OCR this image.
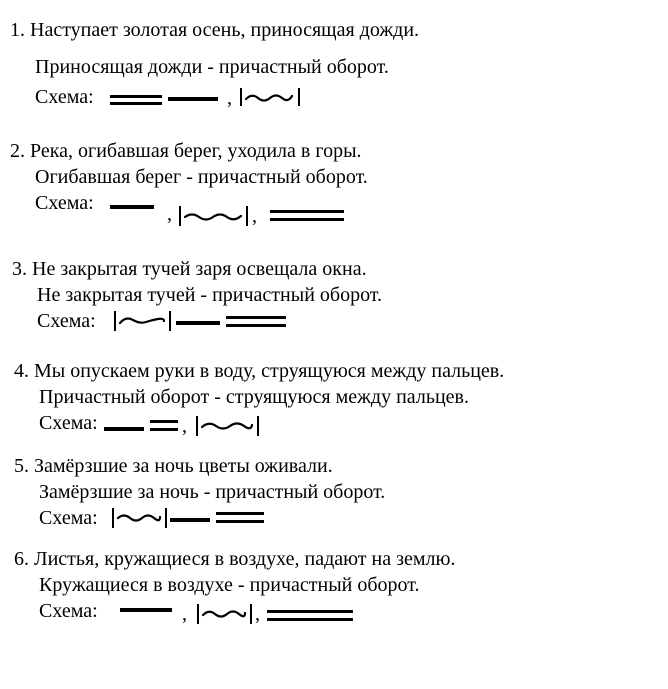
1. Наступает золотая осень, приносящая дожди.
Приносящая дожди - причастный оборот.
Схема:	,
2. Река, огибавшая берег, уходила в горы.
Огибавшая берег - причастный оборот.
Схема:	,	,
3. Не закрытая тучей заря освещала окна.
Не закрытая тучей - причастный оборот.
Схема:
4. Мы опускаем руки в воду, струящуюся между пальцев.
Причастный оборот - струящуюся между пальцев.
Схема:	,
5. Замёрзшие за ночь цветы оживали.
Замёрзшие за ночь - причастный оборот.
Схема:
6. Листья, кружащиеся в воздухе, падают на землю.
Кружащиеся в воздухе - причастный оборот.
Схема:	,	,
